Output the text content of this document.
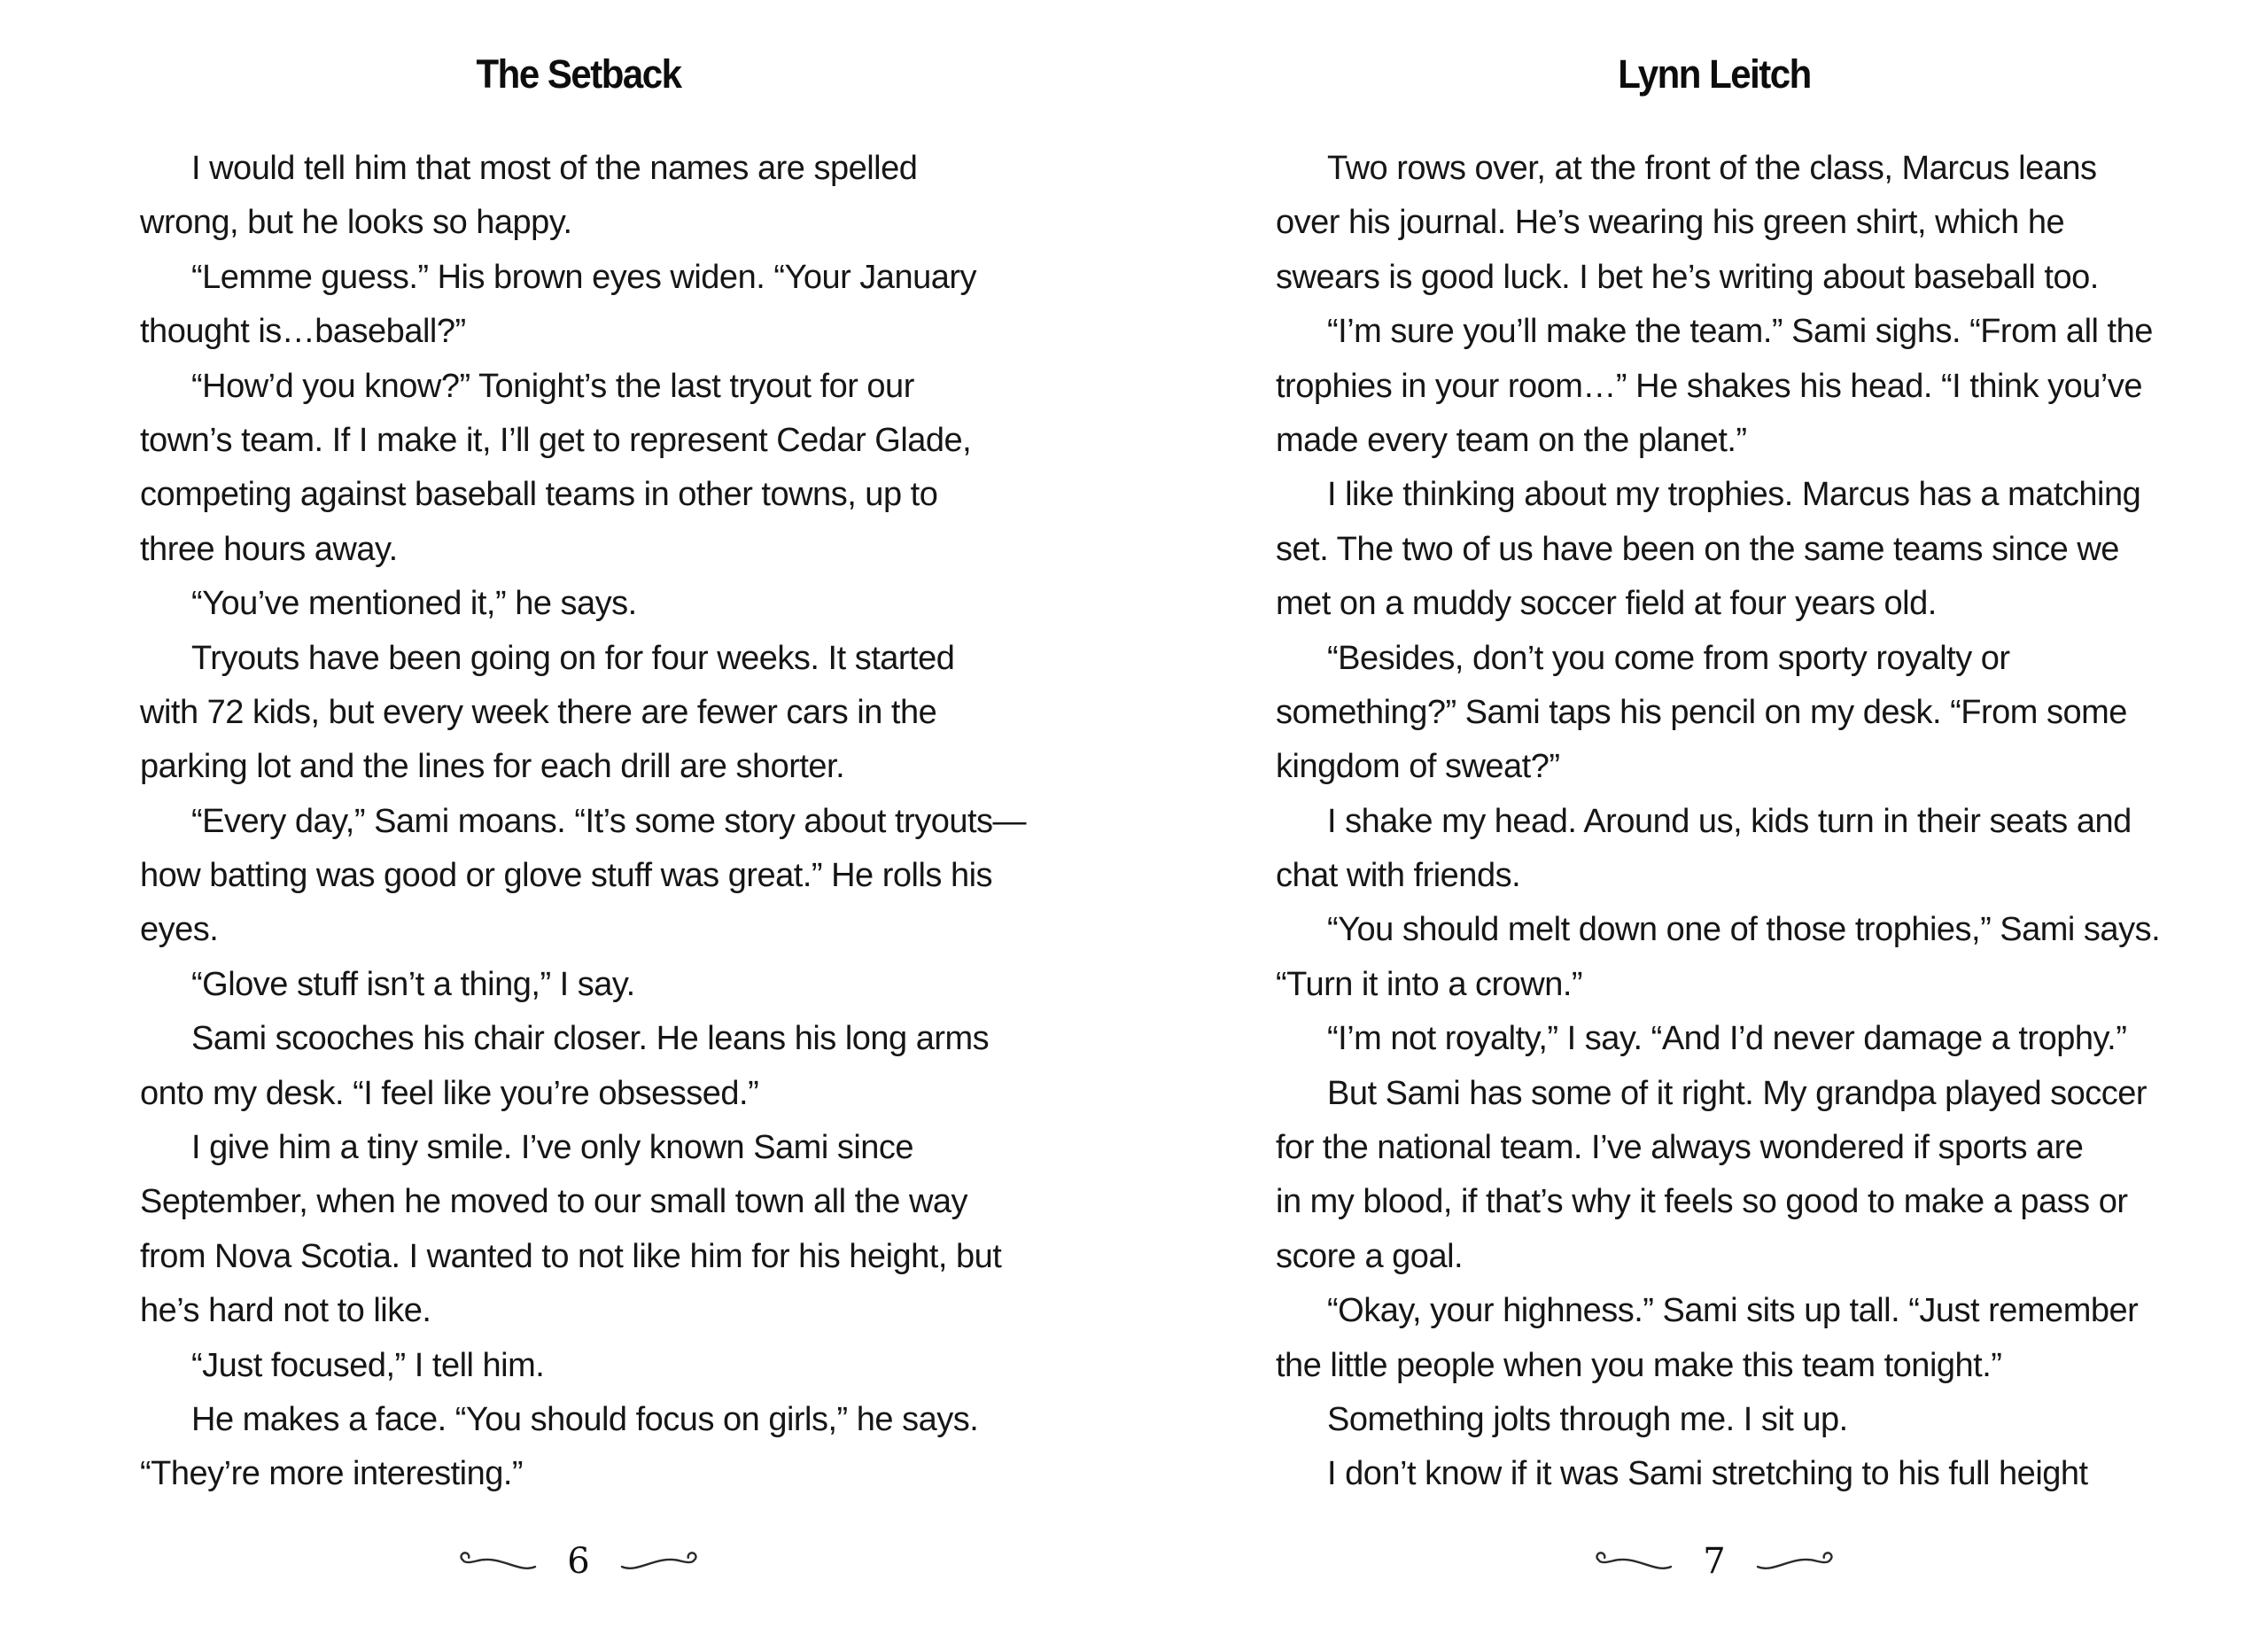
The Setback
I would tell him that most of the names are spelled
wrong, but he looks so happy.
“Lemme guess.” His brown eyes widen. “Your January
thought is…baseball?”
“How’d you know?” Tonight’s the last tryout for our
town’s team. If I make it, I’ll get to represent Cedar Glade,
competing against baseball teams in other towns, up to
three hours away.
“You’ve mentioned it,” he says.
Tryouts have been going on for four weeks. It started
with 72 kids, but every week there are fewer cars in the
parking lot and the lines for each drill are shorter.
“Every day,” Sami moans. “It’s some story about tryouts—
how batting was good or glove stuff was great.” He rolls his
eyes.
“Glove stuff isn’t a thing,” I say.
Sami scooches his chair closer. He leans his long arms
onto my desk. “I feel like you’re obsessed.”
I give him a tiny smile. I’ve only known Sami since
September, when he moved to our small town all the way
from Nova Scotia. I wanted to not like him for his height, but
he’s hard not to like.
“Just focused,” I tell him.
He makes a face. “You should focus on girls,” he says.
“They’re more interesting.”
6
Lynn Leitch
Two rows over, at the front of the class, Marcus leans
over his journal. He’s wearing his green shirt, which he
swears is good luck. I bet he’s writing about baseball too.
“I’m sure you’ll make the team.” Sami sighs. “From all the
trophies in your room…” He shakes his head. “I think you’ve
made every team on the planet.”
I like thinking about my trophies. Marcus has a matching
set. The two of us have been on the same teams since we
met on a muddy soccer field at four years old.
“Besides, don’t you come from sporty royalty or
something?” Sami taps his pencil on my desk. “From some
kingdom of sweat?”
I shake my head. Around us, kids turn in their seats and
chat with friends.
“You should melt down one of those trophies,” Sami says.
“Turn it into a crown.”
“I’m not royalty,” I say. “And I’d never damage a trophy.”
But Sami has some of it right. My grandpa played soccer
for the national team. I’ve always wondered if sports are
in my blood, if that’s why it feels so good to make a pass or
score a goal.
“Okay, your highness.” Sami sits up tall. “Just remember
the little people when you make this team tonight.”
Something jolts through me. I sit up.
I don’t know if it was Sami stretching to his full height
7
